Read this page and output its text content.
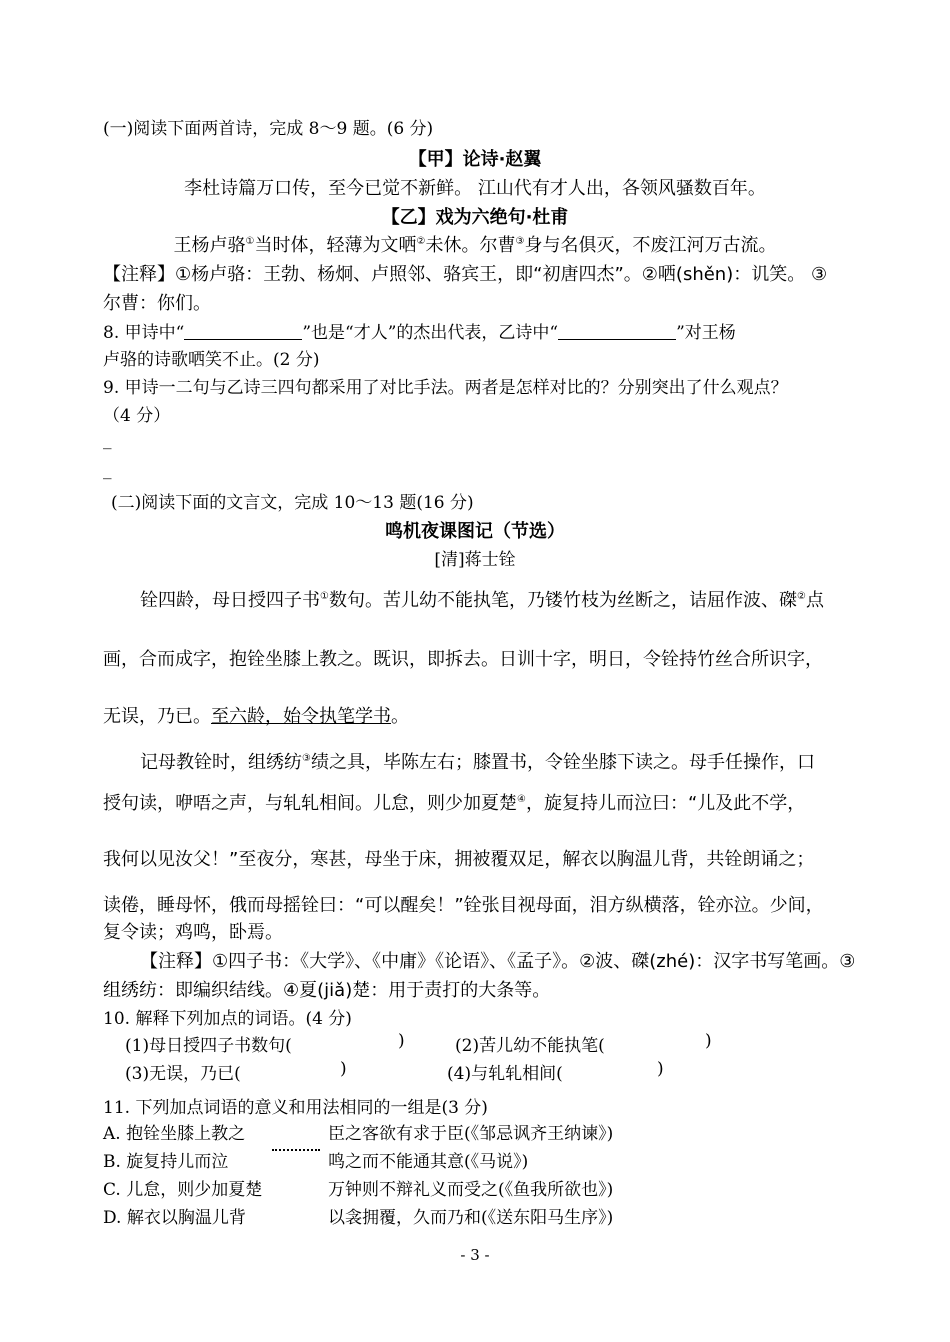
(一)阅读下面两首诗，完成 8～9 题。(6 分)
【甲】论诗·赵翼
李杜诗篇万口传，至今已觉不新鲜。 江山代有才人出，各领风骚数百年。
【乙】戏为六绝句·杜甫
王杨卢骆①当时体，轻薄为文哂②未休。尔曹③身与名俱灭，不废江河万古流。
【注释】①杨卢骆：王勃、杨炯、卢照邻、骆宾王，即“初唐四杰”。②哂(shěn)：讥笑。 ③
尔曹：你们。
8. 甲诗中“	”也是“才人”的杰出代表，乙诗中“	”对王杨
卢骆的诗歌哂笑不止。(2 分)
9. 甲诗一二句与乙诗三四句都采用了对比手法。两者是怎样对比的？分别突出了什么观点？
（4 分）
_
_
(二)阅读下面的文言文，完成 10～13 题(16 分)
鸣机夜课图记（节选）
[清]蒋士铨
铨四龄，母日授四子书①数句。苦儿幼不能执笔，乃镂竹枝为丝断之，诘屈作波、磔②点
画，合而成字，抱铨坐膝上教之。既识，即拆去。日训十字，明日，令铨持竹丝合所识字，
无误，乃已。至六龄，始令执笔学书。
记母教铨时，组绣纺③绩之具，毕陈左右；膝置书，令铨坐膝下读之。母手任操作，口
授句读，咿唔之声，与轧轧相间。儿怠，则少加夏楚④，旋复持儿而泣曰：“儿及此不学，
我何以见汝父！”至夜分，寒甚，母坐于床，拥被覆双足，解衣以胸温儿背，共铨朗诵之；
读倦，睡母怀，俄而母摇铨曰：“可以醒矣！”铨张目视母面，泪方纵横落，铨亦泣。少间，
复令读；鸡鸣，卧焉。
【注释】①四子书：《大学》、《中庸》《论语》、《孟子》。②波、磔(zhé)：汉字书写笔画。③
组绣纺：即编织结线。④夏(jiǎ)楚：用于责打的大条等。
10. 解释下列加点的词语。(4 分)
(1)母日授四子书数句(	)	(2)苦儿幼不能执笔(	)
(3)无误，乃已(	)	(4)与轧轧相间(	)
11. 下列加点词语的意义和用法相同的一组是(3 分)
A. 抱铨坐膝上教之	臣之客欲有求于臣(《邹忌讽齐王纳谏》)
B. 旋复持儿而泣	鸣之而不能通其意(《马说》)
C. 儿怠，则少加夏楚	万钟则不辩礼义而受之(《鱼我所欲也》)
D. 解衣以胸温儿背	以衾拥覆，久而乃和(《送东阳马生序》)
- 3 -
